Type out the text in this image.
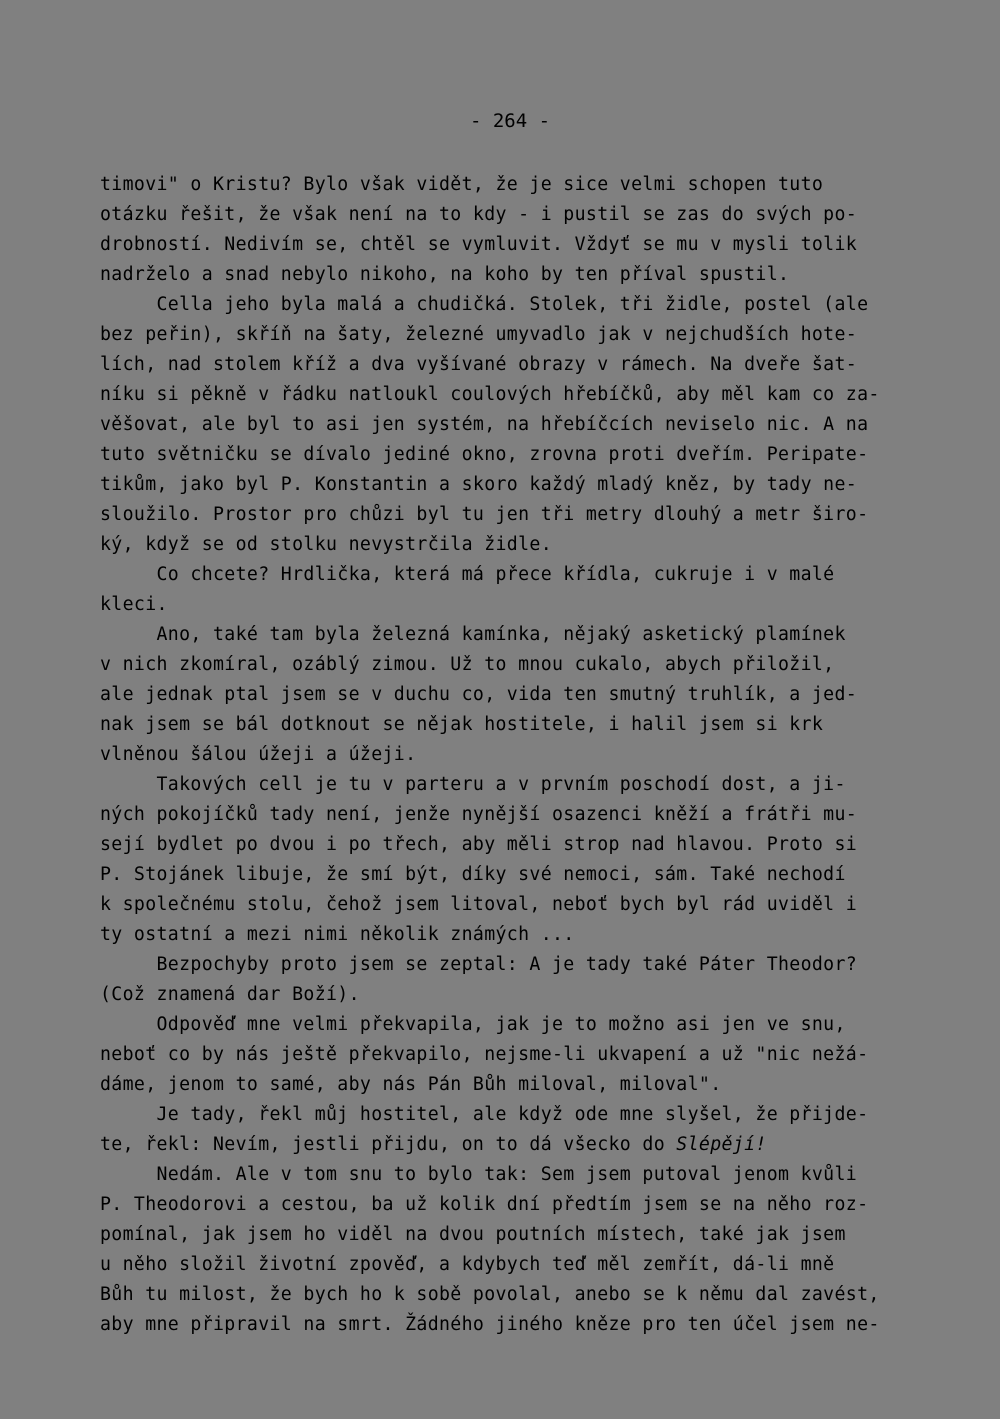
- 264 -
timovi" o Kristu? Bylo však vidět, že je sice velmi schopen tuto
otázku řešit, že však není na to kdy - i pustil se zas do svých po-
drobností. Nedivím se, chtěl se vymluvit. Vždyť se mu v mysli tolik
nadrželo a snad nebylo nikoho, na koho by ten příval spustil.
Cella jeho byla malá a chudičká. Stolek, tři židle, postel (ale
bez peřin), skříň na šaty, železné umyvadlo jak v nejchudších hote-
lích, nad stolem kříž a dva vyšívané obrazy v rámech. Na dveře šat-
níku si pěkně v řádku natloukl coulových hřebíčků, aby měl kam co za-
věšovat, ale byl to asi jen systém, na hřebíčcích neviselo nic. A na
tuto světničku se dívalo jediné okno, zrovna proti dveřím. Peripate-
tikům, jako byl P. Konstantin a skoro každý mladý kněz, by tady ne-
sloužilo. Prostor pro chůzi byl tu jen tři metry dlouhý a metr širo-
ký, když se od stolku nevystrčila židle.
Co chcete? Hrdlička, která má přece křídla, cukruje i v malé
kleci.
Ano, také tam byla železná kamínka, nějaký asketický plamínek
v nich zkomíral, ozáblý zimou. Už to mnou cukalo, abych přiložil,
ale jednak ptal jsem se v duchu co, vida ten smutný truhlík, a jed-
nak jsem se bál dotknout se nějak hostitele, i halil jsem si krk
vlněnou šálou úžeji a úžeji.
Takových cell je tu v parteru a v prvním poschodí dost, a ji-
ných pokojíčků tady není, jenže nynější osazenci kněží a frátři mu-
sejí bydlet po dvou i po třech, aby měli strop nad hlavou. Proto si
P. Stojánek libuje, že smí být, díky své nemoci, sám. Také nechodí
k společnému stolu, čehož jsem litoval, neboť bych byl rád uviděl i
ty ostatní a mezi nimi několik známých ...
Bezpochyby proto jsem se zeptal: A je tady také Páter Theodor?
(Což znamená dar Boží).
Odpověď mne velmi překvapila, jak je to možno asi jen ve snu,
neboť co by nás ještě překvapilo, nejsme-li ukvapení a už "nic nežá-
dáme, jenom to samé, aby nás Pán Bůh miloval, miloval".
Je tady, řekl můj hostitel, ale když ode mne slyšel, že přijde-
te, řekl: Nevím, jestli přijdu, on to dá všecko do Slépějí!
Nedám. Ale v tom snu to bylo tak: Sem jsem putoval jenom kvůli
P. Theodorovi a cestou, ba už kolik dní předtím jsem se na něho roz-
pomínal, jak jsem ho viděl na dvou poutních místech, také jak jsem
u něho složil životní zpověď, a kdybych teď měl zemřít, dá-li mně
Bůh tu milost, že bych ho k sobě povolal, anebo se k němu dal zavést,
aby mne připravil na smrt. Žádného jiného kněze pro ten účel jsem ne-
